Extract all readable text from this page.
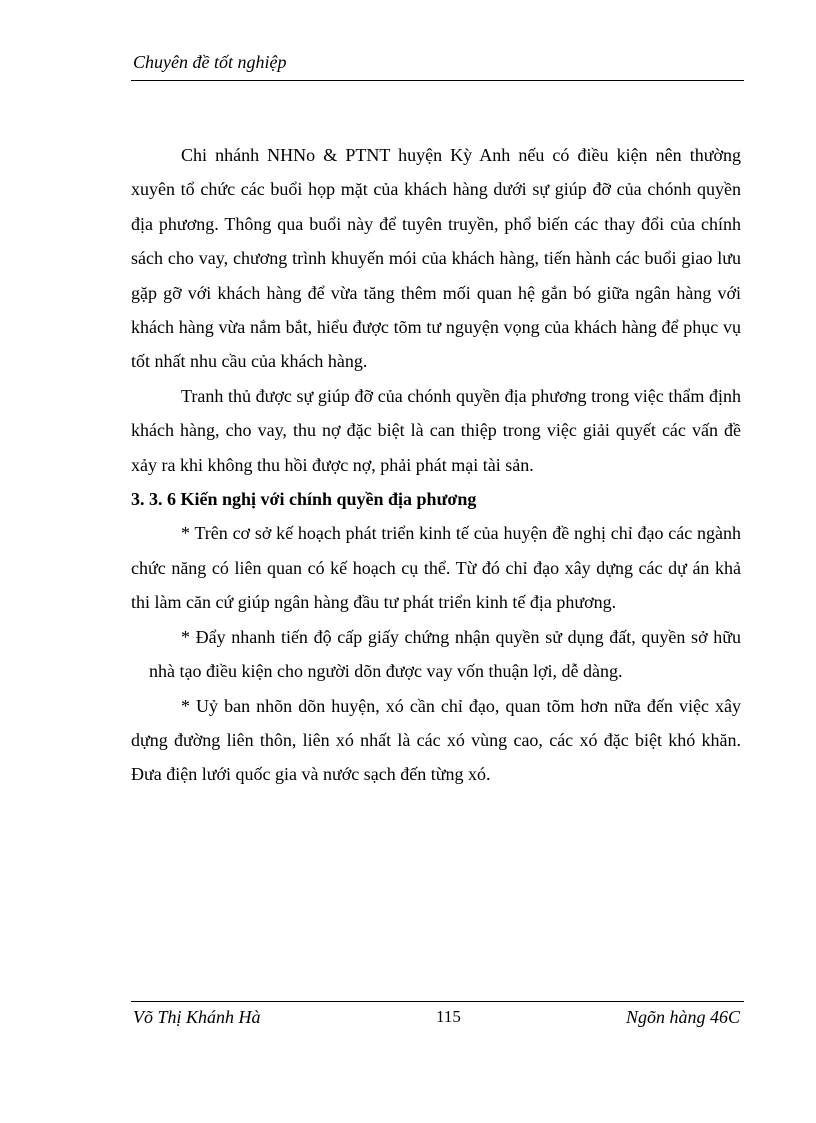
Chuyên đề tốt nghiệp

Chi nhánh NHNo & PTNT huyện Kỳ Anh nếu có điều kiện nên thường xuyên tổ chức các buổi họp mặt của khách hàng dưới sự giúp đỡ của chónh quyền địa phương. Thông qua buổi này để tuyên truyền, phổ biến các thay đổi của chính sách cho vay, chương trình khuyến mói của khách hàng, tiến hành các buổi giao lưu gặp gỡ với khách hàng để vừa tăng thêm mối quan hệ gắn bó giữa ngân hàng với khách hàng vừa nắm bắt, hiểu được tõm tư nguyện vọng của khách hàng để phục vụ tốt nhất nhu cầu của khách hàng.

Tranh thủ được sự giúp đỡ của chónh quyền địa phương trong việc thẩm định khách hàng, cho vay, thu nợ đặc biệt là can thiệp trong việc giải quyết các vấn đề xảy ra khi không thu hồi được nợ, phải phát mại tài sản.

3. 3. 6 Kiến nghị với chính quyền địa phương

* Trên cơ sở kế hoạch phát triển kinh tế của huyện đề nghị chỉ đạo các ngành chức năng có liên quan có kế hoạch cụ thể. Từ đó chỉ đạo xây dựng các dự án khả thi làm căn cứ giúp ngân hàng đầu tư phát triển kinh tế địa phương.

* Đẩy nhanh tiến độ cấp giấy chứng nhận quyền sử dụng đất, quyền sở hữu nhà tạo điều kiện cho người dõn được vay vốn thuận lợi, dễ dàng.

* Uỷ ban nhõn dõn huyện, xó cần chỉ đạo, quan tõm hơn nữa đến việc xây dựng đường liên thôn, liên xó nhất là các xó vùng cao, các xó đặc biệt khó khăn. Đưa điện lưới quốc gia và nước sạch đến từng xó.

Võ Thị Khánh Hà	115	Ngõn hàng 46C
